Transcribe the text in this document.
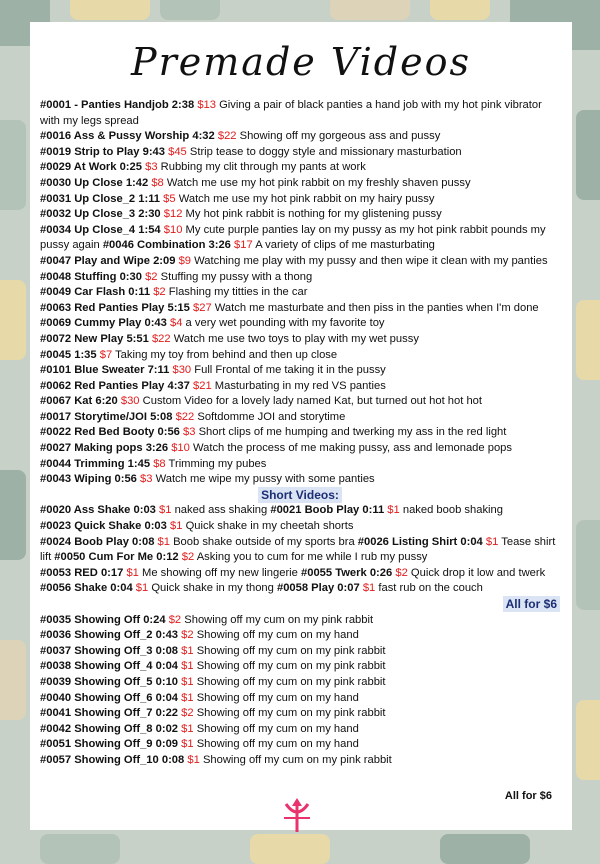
Premade Videos
#0001 - Panties Handjob 2:38 $13 Giving a pair of black panties a hand job with my hot pink vibrator with my legs spread
#0016 Ass & Pussy Worship 4:32 $22 Showing off my gorgeous ass and pussy
#0019 Strip to Play 9:43 $45 Strip tease to doggy style and missionary masturbation
#0029 At Work 0:25 $3 Rubbing my clit through my pants at work
#0030 Up Close 1:42 $8 Watch me use my hot pink rabbit on my freshly shaven pussy
#0031 Up Close_2 1:11 $5 Watch me use my hot pink rabbit on my hairy pussy
#0032 Up Close_3 2:30 $12 My hot pink rabbit is nothing for my glistening pussy
#0034 Up Close_4 1:54 $10 My cute purple panties lay on my pussy as my hot pink rabbit pounds my pussy again #0046 Combination 3:26 $17 A variety of clips of me masturbating
#0047 Play and Wipe 2:09 $9 Watching me play with my pussy and then wipe it clean with my panties #0048 Stuffing 0:30 $2 Stuffing my pussy with a thong
#0049 Car Flash 0:11 $2 Flashing my titties in the car
#0063 Red Panties Play 5:15 $27 Watch me masturbate and then piss in the panties when I'm done #0069 Cummy Play 0:43 $4 a very wet pounding with my favorite toy
#0072 New Play 5:51 $22 Watch me use two toys to play with my wet pussy
#0045 1:35 $7 Taking my toy from behind and then up close
#0101 Blue Sweater 7:11 $30 Full Frontal of me taking it in the pussy
#0062 Red Panties Play 4:37 $21 Masturbating in my red VS panties
#0067 Kat 6:20 $30 Custom Video for a lovely lady named Kat, but turned out hot hot hot
#0017 Storytime/JOI 5:08 $22 Softdomme JOI and storytime
#0022 Red Bed Booty 0:56 $3 Short clips of me humping and twerking my ass in the red light
#0027 Making pops 3:26 $10 Watch the process of me making pussy, ass and lemonade pops
#0044 Trimming 1:45 $8 Trimming my pubes
#0043 Wiping 0:56 $3 Watch me wipe my pussy with some panties
Short Videos:
#0020 Ass Shake 0:03 $1 naked ass shaking #0021 Boob Play 0:11 $1 naked boob shaking
#0023 Quick Shake 0:03 $1 Quick shake in my cheetah shorts
#0024 Boob Play 0:08 $1 Boob shake outside of my sports bra #0026 Listing Shirt 0:04 $1 Tease shirt lift #0050 Cum For Me 0:12 $2 Asking you to cum for me while I rub my pussy
#0053 RED 0:17 $1 Me showing off my new lingerie #0055 Twerk 0:26 $2 Quick drop it low and twerk #0056 Shake 0:04 $1 Quick shake in my thong #0058 Play 0:07 $1 fast rub on the couch
All for $6
#0035 Showing Off 0:24 $2 Showing off my cum on my pink rabbit
#0036 Showing Off_2 0:43 $2 Showing off my cum on my hand
#0037 Showing Off_3 0:08 $1 Showing off my cum on my pink rabbit
#0038 Showing Off_4 0:04 $1 Showing off my cum on my pink rabbit
#0039 Showing Off_5 0:10 $1 Showing off my cum on my pink rabbit
#0040 Showing Off_6 0:04 $1 Showing off my cum on my hand
#0041 Showing Off_7 0:22 $2 Showing off my cum on my pink rabbit
#0042 Showing Off_8 0:02 $1 Showing off my cum on my hand
#0051 Showing Off_9 0:09 $1 Showing off my cum on my hand
#0057 Showing Off_10 0:08 $1 Showing off my cum on my pink rabbit
All for $6
